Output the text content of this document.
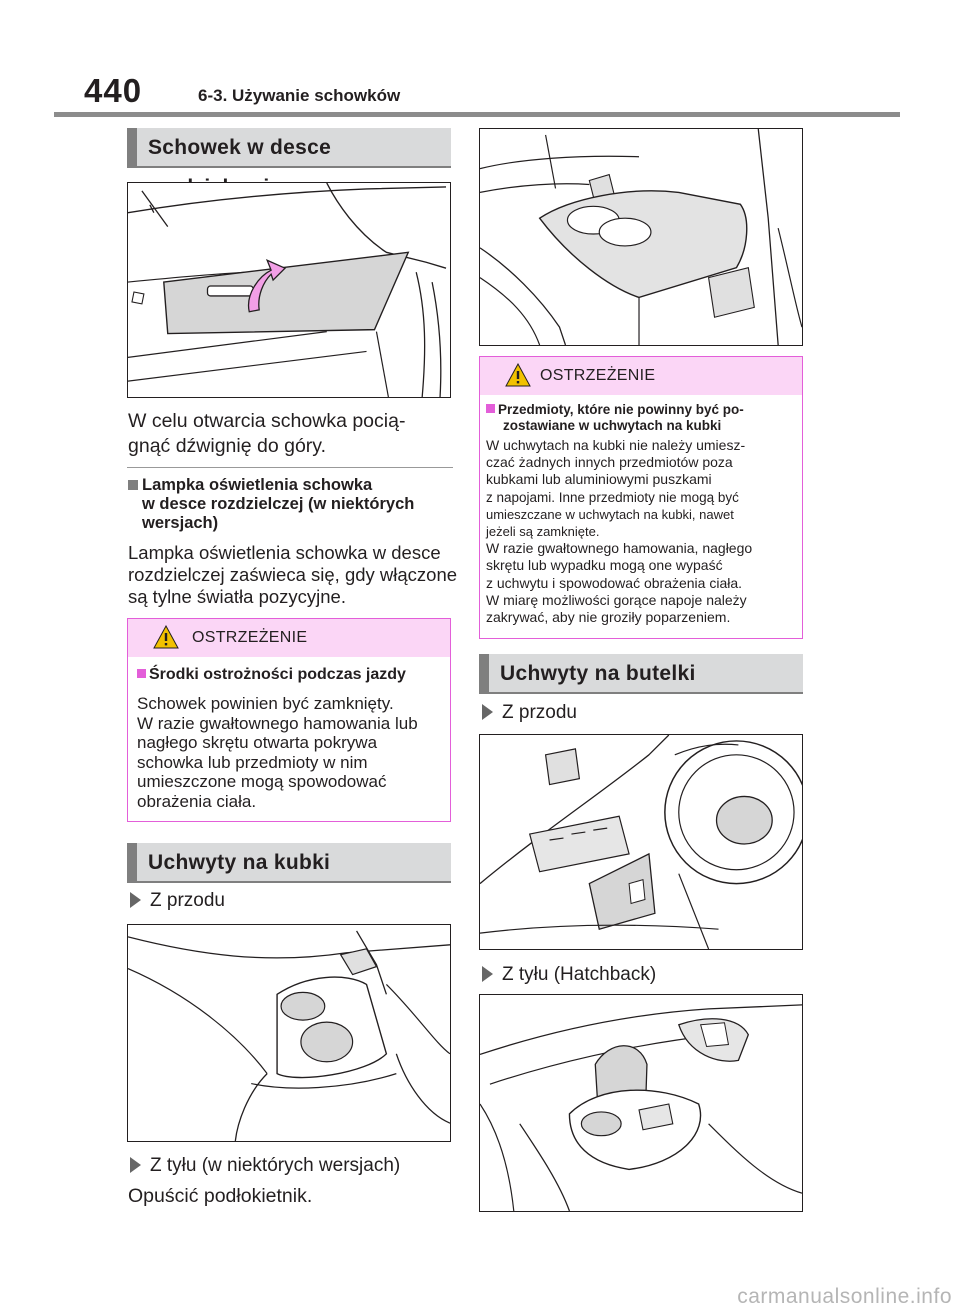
440	6-3. Używanie schowków
Schowek w desce
W celu otwarcia schowka pocią-
gnąć dźwignię do góry.
Lampka oświetlenia schowka
w desce rozdzielczej (w niektórych
wersjach)
Lampka oświetlenia schowka w desce
rozdzielczej zaświeca się, gdy włączone
są tylne światła pozycyjne.
OSTRZEŻENIE
Środki ostrożności podczas jazdy
Schowek powinien być zamknięty.
W razie gwałtownego hamowania lub
nagłego skrętu otwarta pokrywa
schowka lub przedmioty w nim
umieszczone mogą spowodować
obrażenia ciała.
Uchwyty na kubki
Z przodu
Z tyłu (w niektórych wersjach)
Opuścić podłokietnik.
OSTRZEŻENIE
Przedmioty, które nie powinny być po-
zostawiane w uchwytach na kubki
W uchwytach na kubki nie należy umiesz-
czać żadnych innych przedmiotów poza
kubkami lub aluminiowymi puszkami
z napojami. Inne przedmioty nie mogą być
umieszczane w uchwytach na kubki, nawet
jeżeli są zamknięte.
W razie gwałtownego hamowania, nagłego
skrętu lub wypadku mogą one wypaść
z uchwytu i spowodować obrażenia ciała.
W miarę możliwości gorące napoje należy
zakrywać, aby nie groziły poparzeniem.
Uchwyty na butelki
Z przodu
Z tyłu (Hatchback)
carmanualsonline.info
